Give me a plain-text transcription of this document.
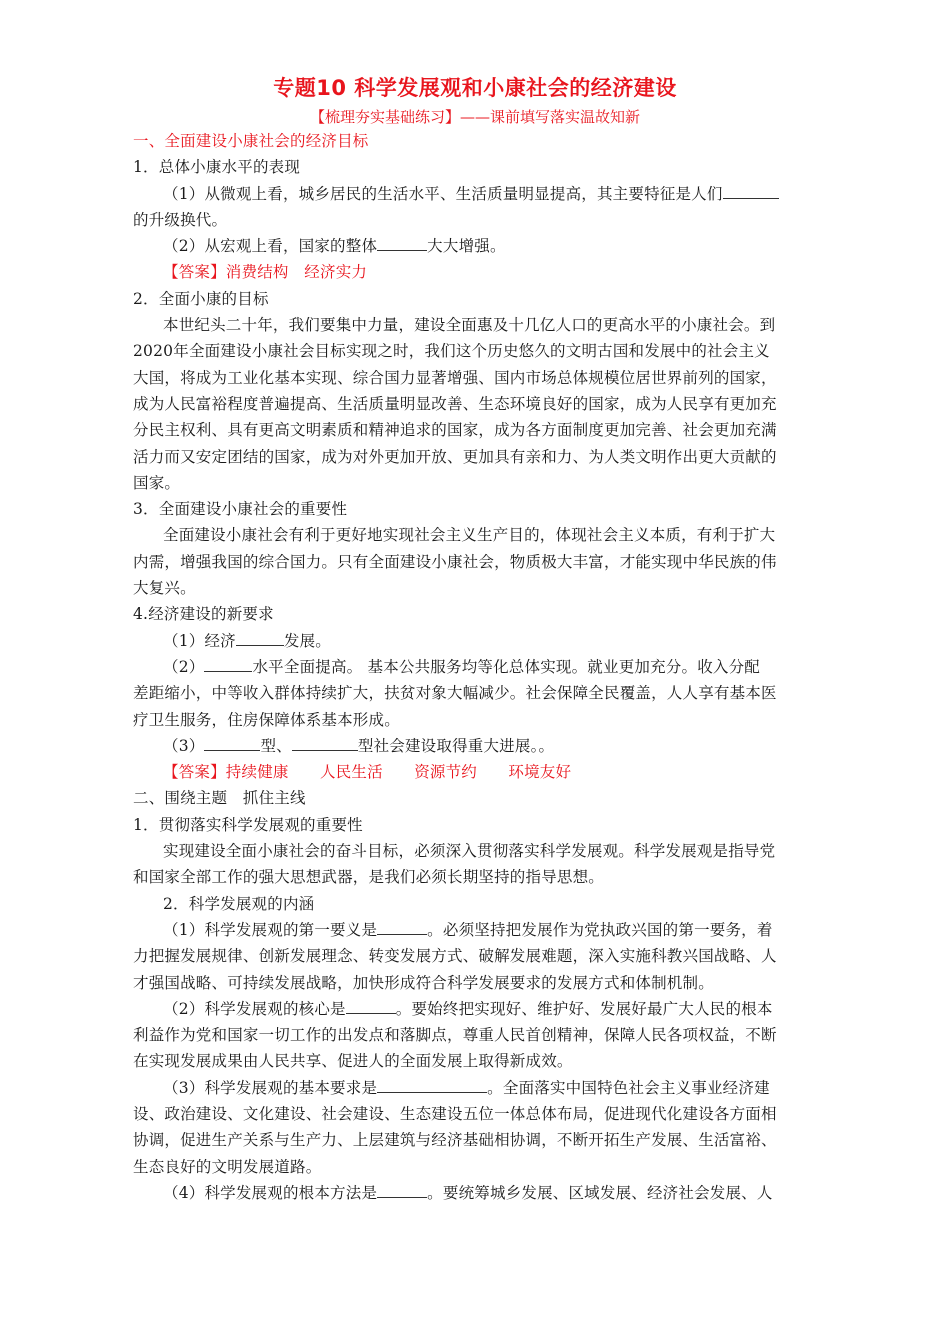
专题10 科学发展观和小康社会的经济建设
【梳理夯实基础练习】——课前填写落实温故知新
一、全面建设小康社会的经济目标
1．总体小康水平的表现
（1）从微观上看，城乡居民的生活水平、生活质量明显提高，其主要特征是人们
的升级换代。
（2）从宏观上看，国家的整体	大大增强。
【答案】消费结构　经济实力
2．全面小康的目标
本世纪头二十年，我们要集中力量，建设全面惠及十几亿人口的更高水平的小康社会。到
2020年全面建设小康社会目标实现之时，我们这个历史悠久的文明古国和发展中的社会主义
大国，将成为工业化基本实现、综合国力显著增强、国内市场总体规模位居世界前列的国家，
成为人民富裕程度普遍提高、生活质量明显改善、生态环境良好的国家，成为人民享有更加充
分民主权利、具有更高文明素质和精神追求的国家，成为各方面制度更加完善、社会更加充满
活力而又安定团结的国家，成为对外更加开放、更加具有亲和力、为人类文明作出更大贡献的
国家。
3．全面建设小康社会的重要性
全面建设小康社会有利于更好地实现社会主义生产目的，体现社会主义本质，有利于扩大
内需，增强我国的综合国力。只有全面建设小康社会，物质极大丰富，才能实现中华民族的伟
大复兴。
4.经济建设的新要求
（1）经济	发展。
（2）	水平全面提高。 基本公共服务均等化总体实现。就业更加充分。收入分配
差距缩小，中等收入群体持续扩大，扶贫对象大幅减少。社会保障全民覆盖，人人享有基本医
疗卫生服务，住房保障体系基本形成。
（3）	型、	型社会建设取得重大进展。。
【答案】持续健康　　人民生活　　资源节约　　环境友好
二、围绕主题　抓住主线
1．贯彻落实科学发展观的重要性
实现建设全面小康社会的奋斗目标，必须深入贯彻落实科学发展观。科学发展观是指导党
和国家全部工作的强大思想武器，是我们必须长期坚持的指导思想。
2．科学发展观的内涵
（1）科学发展观的第一要义是	。必须坚持把发展作为党执政兴国的第一要务，着
力把握发展规律、创新发展理念、转变发展方式、破解发展难题，深入实施科教兴国战略、人
才强国战略、可持续发展战略，加快形成符合科学发展要求的发展方式和体制机制。
（2）科学发展观的核心是	。要始终把实现好、维护好、发展好最广大人民的根本
利益作为党和国家一切工作的出发点和落脚点，尊重人民首创精神，保障人民各项权益，不断
在实现发展成果由人民共享、促进人的全面发展上取得新成效。
（3）科学发展观的基本要求是	。全面落实中国特色社会主义事业经济建
设、政治建设、文化建设、社会建设、生态建设五位一体总体布局，促进现代化建设各方面相
协调，促进生产关系与生产力、上层建筑与经济基础相协调，不断开拓生产发展、生活富裕、
生态良好的文明发展道路。
（4）科学发展观的根本方法是	。要统筹城乡发展、区域发展、经济社会发展、人
